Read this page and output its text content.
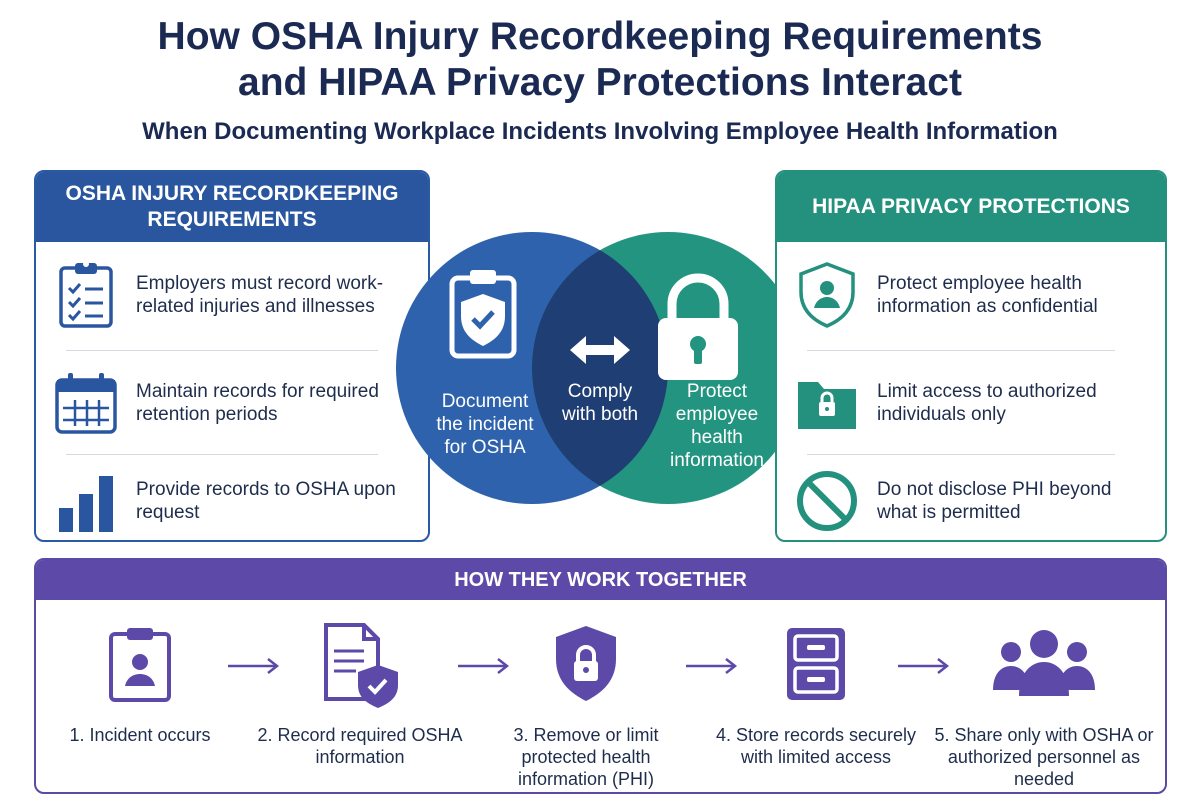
How OSHA Injury Recordkeeping Requirements
and HIPAA Privacy Protections Interact
When Documenting Workplace Incidents Involving Employee Health Information
OSHA INJURY RECORDKEEPING REQUIREMENTS
Employers must record work-related injuries and illnesses
Maintain records for required retention periods
Provide records to OSHA upon request
Document the incident for OSHA
Comply with both
Protect employee health information
HIPAA PRIVACY PROTECTIONS
Protect employee health information as confidential
Limit access to authorized individuals only
Do not disclose PHI beyond what is permitted
HOW THEY WORK TOGETHER
1. Incident occurs	2. Record required OSHA information
3. Remove or limit protected health information (PHI)
4. Store records securely with limited access
5. Share only with OSHA or authorized personnel as needed
